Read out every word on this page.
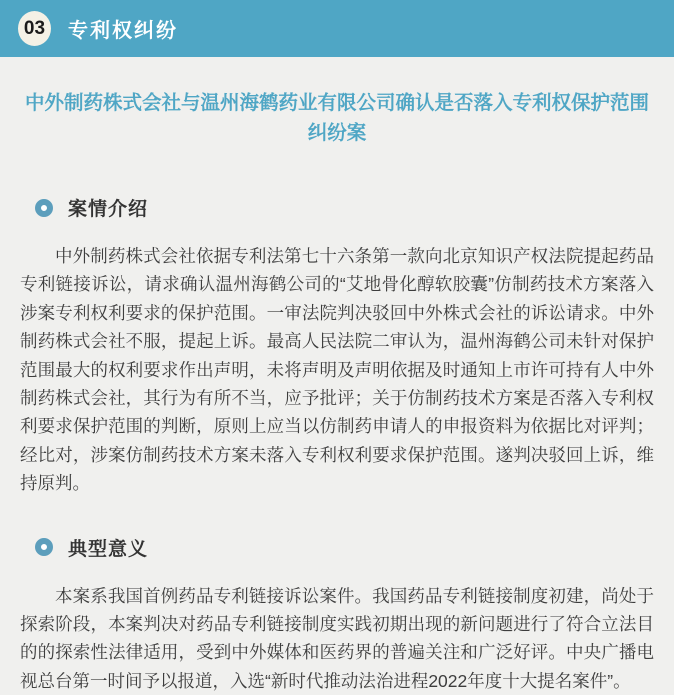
03 专利权纠纷
中外制药株式会社与温州海鹤药业有限公司确认是否落入专利权保护范围纠纷案
案情介绍

中外制药株式会社依据专利法第七十六条第一款向北京知识产权法院提起药品专利链接诉讼，请求确认温州海鹤公司的“艾地骨化醇软胶囊”仿制药技术方案落入涉案专利权利要求的保护范围。一审法院判决驳回中外株式会社的诉讼请求。中外制药株式会社不服，提起上诉。最高人民法院二审认为，温州海鹤公司未针对保护范围最大的权利要求作出声明，未将声明及声明依据及时通知上市许可持有人中外制药株式会社，其行为有所不当，应予批评；关于仿制药技术方案是否落入专利权利要求保护范围的判断，原则上应当以仿制药申请人的申报资料为依据比对评判；经比对，涉案仿制药技术方案未落入专利权利要求保护范围。遂判决驳回上诉，维持原判。

典型意义

本案系我国首例药品专利链接诉讼案件。我国药品专利链接制度初建，尚处于探索阶段，本案判决对药品专利链接制度实践初期出现的新问题进行了符合立法目的的探索性法律适用，受到中外媒体和医药界的普遍关注和广泛好评。中央广播电视总台第一时间予以报道，入选“新时代推动法治进程2022年度十大提名案件”。
